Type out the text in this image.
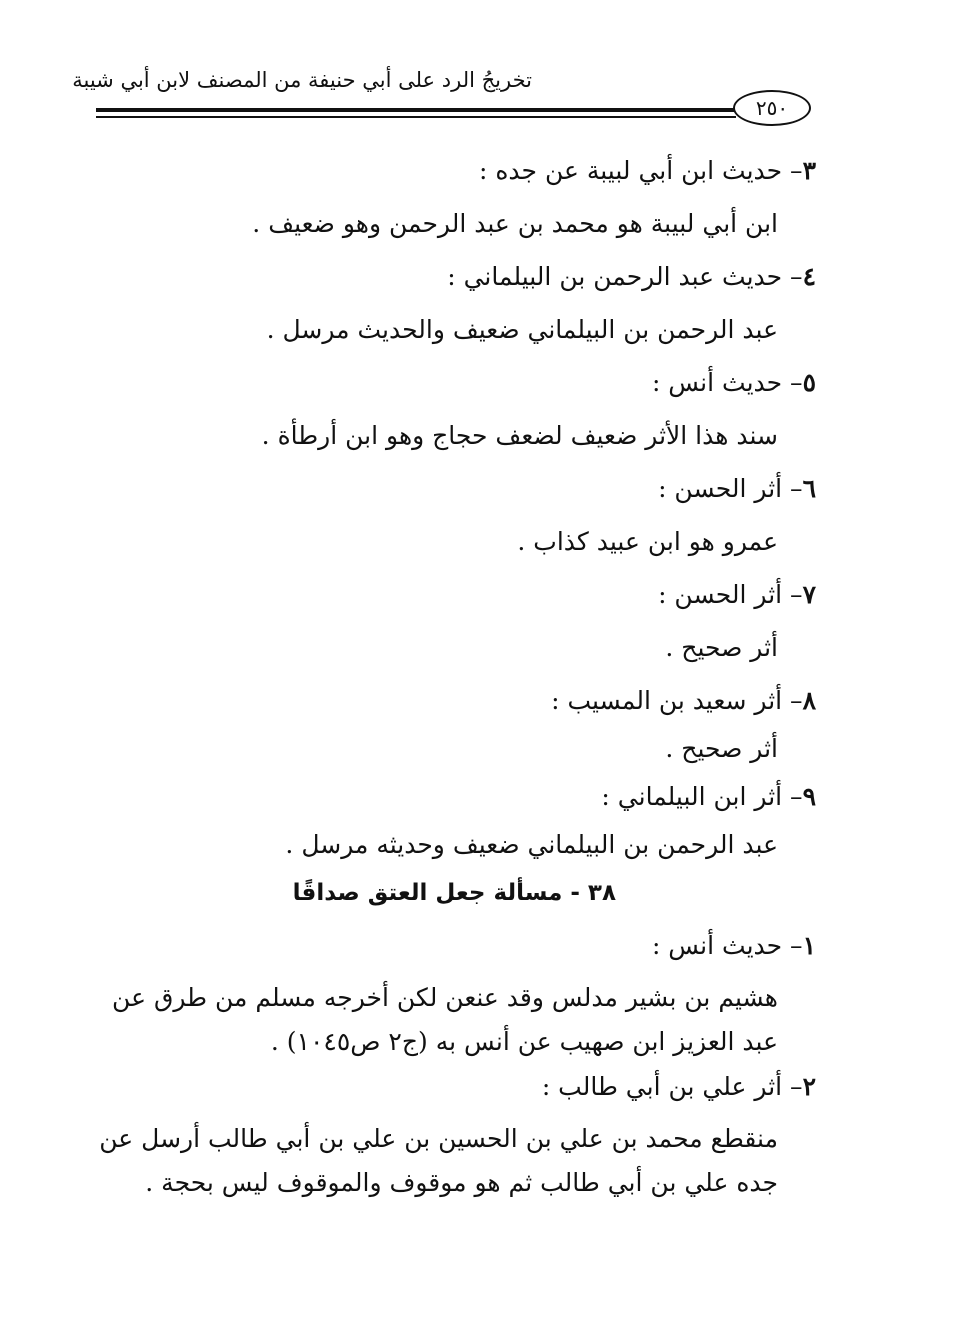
تخريجُ الرد على أبي حنيفة من المصنف لابن أبي شيبة
٢٥٠
٣– حديث ابن أبي لبيبة عن جده :
ابن أبي لبيبة هو محمد بن عبد الرحمن وهو ضعيف .
٤– حديث عبد الرحمن بن البيلماني :
عبد الرحمن بن البيلماني ضعيف والحديث مرسل .
٥– حديث أنس :
سند هذا الأثر ضعيف لضعف حجاج وهو ابن أرطأة .
٦– أثر الحسن :
عمرو هو ابن عبيد كذاب .
٧– أثر الحسن :
أثر صحيح .
٨– أثر سعيد بن المسيب :
أثر صحيح .
٩– أثر ابن البيلماني :
عبد الرحمن بن البيلماني ضعيف وحديثه مرسل .
٣٨ - مسألة جعل العتق صداقًا
١– حديث أنس :
هشيم بن بشير مدلس وقد عنعن لكن أخرجه مسلم من طرق عن عبد العزيز ابن صهيب عن أنس به (ج٢ ص١٠٤٥) .
٢– أثر علي بن أبي طالب :
منقطع محمد بن علي بن الحسين بن علي بن أبي طالب أرسل عن جده علي بن أبي طالب ثم هو موقوف والموقوف ليس بحجة .
